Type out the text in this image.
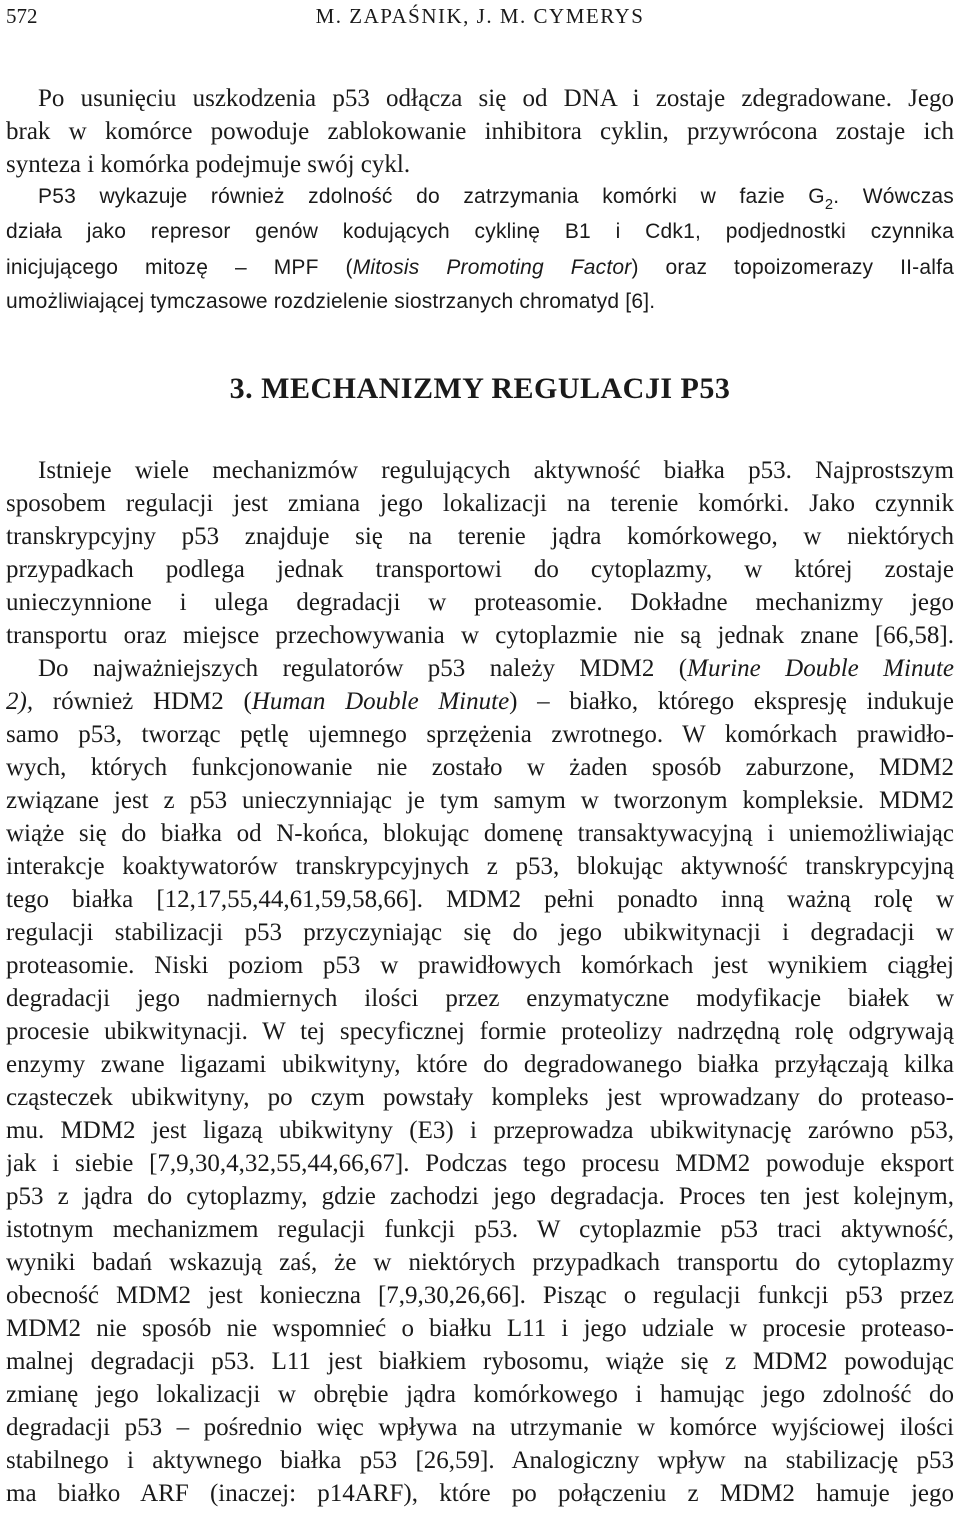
572	M. ZAPAŚNIK, J. M. CYMERYS
Po usunięciu uszkodzenia p53 odłącza się od DNA i zostaje zdegradowane. Jego
brak w komórce powoduje zablokowanie inhibitora cyklin, przywrócona zostaje ich
synteza i komórka podejmuje swój cykl.
P53 wykazuje również zdolność do zatrzymania komórki w fazie $G_2$. Wówczas
działa jako represor genów kodujących cyklinę B1 i Cdk1, podjednostki czynnika
inicjującego mitozę – MPF (Mitosis Promoting Factor) oraz topoizomerazy II-alfa
umożliwiającej tymczasowe rozdzielenie siostrzanych chromatyd [6].
3. MECHANIZMY REGULACJI P53
Istnieje wiele mechanizmów regulujących aktywność białka p53. Najprostszym
sposobem regulacji jest zmiana jego lokalizacji na terenie komórki. Jako czynnik
transkrypcyjny p53 znajduje się na terenie jądra komórkowego, w niektórych
przypadkach podlega jednak transportowi do cytoplazmy, w której zostaje
unieczynnione i ulega degradacji w proteasomie. Dokładne mechanizmy jego
transportu oraz miejsce przechowywania w cytoplazmie nie są jednak znane [66,58].
Do najważniejszych regulatorów p53 należy MDM2 (Murine Double Minute
2), również HDM2 (Human Double Minute) – białko, którego ekspresję indukuje
samo p53, tworząc pętlę ujemnego sprzężenia zwrotnego. W komórkach prawidło-
wych, których funkcjonowanie nie zostało w żaden sposób zaburzone, MDM2
związane jest z p53 unieczynniając je tym samym w tworzonym kompleksie. MDM2
wiąże się do białka od N-końca, blokując domenę transaktywacyjną i uniemożliwiając
interakcje koaktywatorów transkrypcyjnych z p53, blokując aktywność transkrypcyjną
tego białka [12,17,55,44,61,59,58,66]. MDM2 pełni ponadto inną ważną rolę w
regulacji stabilizacji p53 przyczyniając się do jego ubikwitynacji i degradacji w
proteasomie. Niski poziom p53 w prawidłowych komórkach jest wynikiem ciągłej
degradacji jego nadmiernych ilości przez enzymatyczne modyfikacje białek w
procesie ubikwitynacji. W tej specyficznej formie proteolizy nadrzędną rolę odgrywają
enzymy zwane ligazami ubikwityny, które do degradowanego białka przyłączają kilka
cząsteczek ubikwityny, po czym powstały kompleks jest wprowadzany do proteaso-
mu. MDM2 jest ligazą ubikwityny (E3) i przeprowadza ubikwitynację zarówno p53,
jak i siebie [7,9,30,4,32,55,44,66,67]. Podczas tego procesu MDM2 powoduje eksport
p53 z jądra do cytoplazmy, gdzie zachodzi jego degradacja. Proces ten jest kolejnym,
istotnym mechanizmem regulacji funkcji p53. W cytoplazmie p53 traci aktywność,
wyniki badań wskazują zaś, że w niektórych przypadkach transportu do cytoplazmy
obecność MDM2 jest konieczna [7,9,30,26,66]. Pisząc o regulacji funkcji p53 przez
MDM2 nie sposób nie wspomnieć o białku L11 i jego udziale w procesie proteaso-
malnej degradacji p53. L11 jest białkiem rybosomu, wiąże się z MDM2 powodując
zmianę jego lokalizacji w obrębie jądra komórkowego i hamując jego zdolność do
degradacji p53 – pośrednio więc wpływa na utrzymanie w komórce wyjściowej ilości
stabilnego i aktywnego białka p53 [26,59]. Analogiczny wpływ na stabilizację p53
ma białko ARF (inaczej: p14ARF), które po połączeniu z MDM2 hamuje jego
